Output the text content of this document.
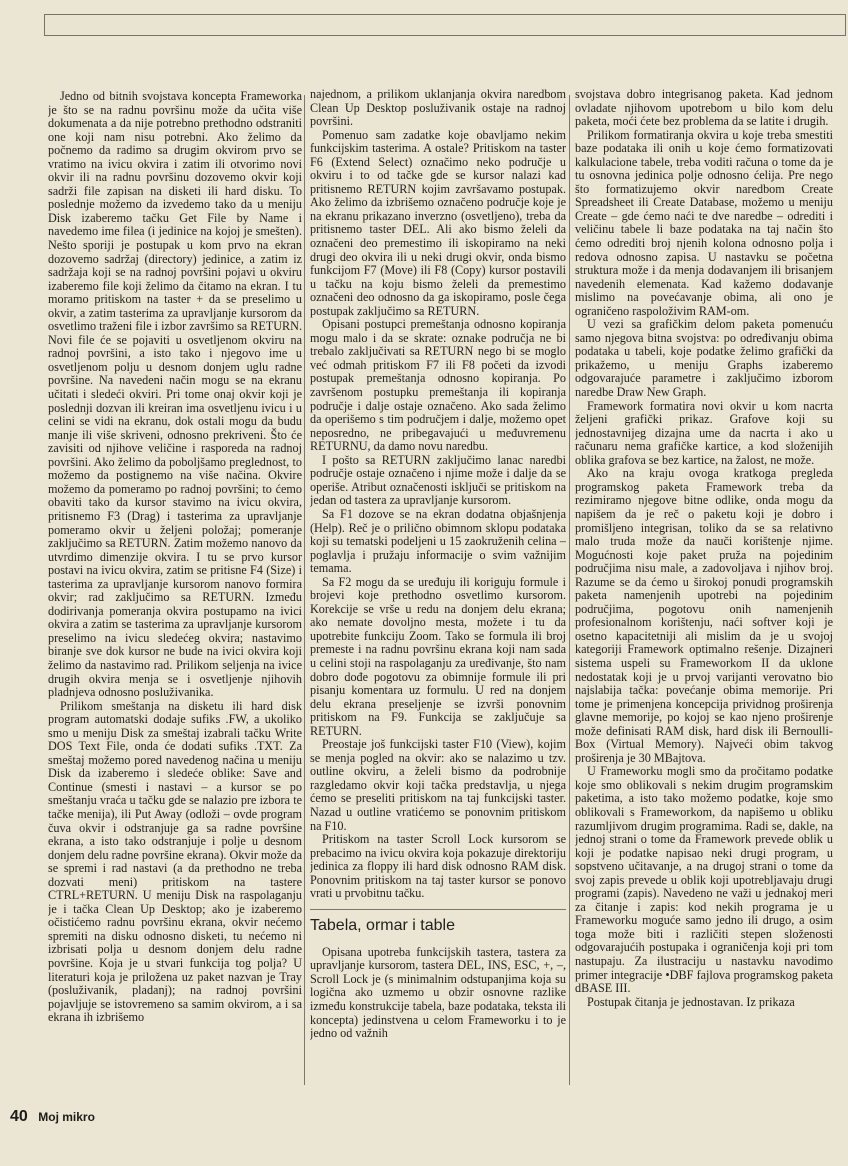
Jedno od bitnih svojstava koncepta Frameworka je što se na radnu površinu može da učita više dokumenata a da nije potrebno prethodno odstraniti one koji nam nisu potrebni. Ako želimo da počnemo da radimo sa drugim okvirom prvo se vratimo na ivicu okvira i zatim ili otvorimo novi okvir ili na radnu površinu dozovemo okvir koji sadrži file zapisan na disketi ili hard disku. To poslednje možemo da izvedemo tako da u meniju Disk izaberemo tačku Get File by Name i navedemo ime filea (i jedinice na kojoj je smešten). Nešto sporiji je postupak u kom prvo na ekran dozovemo sadržaj (directory) jedinice, a zatim iz sadržaja koji se na radnoj površini pojavi u okviru izaberemo file koji želimo da čitamo na ekran. I tu moramo pritiskom na taster + da se preselimo u okvir, a zatim tasterima za upravljanje kursorom da osvetlimo traženi file i izbor završimo sa RETURN. Novi file će se pojaviti u osvetljenom okviru na radnoj površini, a isto tako i njegovo ime u osvetljenom polju u desnom donjem uglu radne površine. Na navedeni način mogu se na ekranu učitati i sledeći okviri. Pri tome onaj okvir koji je poslednji dozvan ili kreiran ima osvetljenu ivicu i u celini se vidi na ekranu, dok ostali mogu da budu manje ili više skriveni, odnosno prekriveni. Što će zavisiti od njihove veličine i rasporeda na radnoj površini. Ako želimo da poboljšamo preglednost, to možemo da postignemo na više načina. Okvire možemo da pomeramo po radnoj površini; to ćemo obaviti tako da kursor stavimo na ivicu okvira, pritisnemo F3 (Drag) i tasterima za upravljanje pomeramo okvir u željeni položaj; pomeranje zaključimo sa RETURN. Zatim možemo nanovo da utvrdimo dimenzije okvira. I tu se prvo kursor postavi na ivicu okvira, zatim se pritisne F4 (Size) i tasterima za upravljanje kursorom nanovo formira okvir; rad zaključimo sa RETURN. Između dodirivanja pomeranja okvira postupamo na ivici okvira a zatim se tasterima za upravljanje kursorom preselimo na ivicu sledećeg okvira; nastavimo biranje sve dok kursor ne bude na ivici okvira koji želimo da nastavimo rad. Prilikom seljenja na ivice drugih okvira menja se i osvetljenje njihovih pladnjeva odnosno posluživanika.

Prilikom smeštanja na disketu ili hard disk program automatski dodaje sufiks .FW, a ukoliko smo u meniju Disk za smeštaj izabrali tačku Write DOS Text File, onda će dodati sufiks .TXT. Za smeštaj možemo pored navedenog načina u meniju Disk da izaberemo i sledeće oblike: Save and Continue (smesti i nastavi – a kursor se po smeštanju vraća u tačku gde se nalazio pre izbora te tačke menija), ili Put Away (odloži – ovde program čuva okvir i odstranjuje ga sa radne površine ekrana, a isto tako odstranjuje i polje u desnom donjem delu radne površine ekrana). Okvir može da se spremi i rad nastavi (a da prethodno ne treba dozvati meni) pritiskom na tastere CTRL+RETURN. U meniju Disk na raspolaganju je i tačka Clean Up Desktop; ako je izaberemo očistićemo radnu površinu ekrana, okvir nećemo spremiti na disku odnosno disketi, tu nećemo ni izbrisati polja u desnom donjem delu radne površine. Koja je u stvari funkcija tog polja? U literaturi koja je priložena uz paket nazvan je Tray (posluživanik, pladanj); na radnoj površini pojavljuje se istovremeno sa samim okvirom, a i sa ekrana ih izbrišemo

najednom, a prilikom uklanjanja okvira naredbom Clean Up Desktop posluživanik ostaje na radnoj površini.

Pomenuo sam zadatke koje obavljamo nekim funkcijskim tasterima. A ostale? Pritiskom na taster F6 (Extend Select) označimo neko područje u okviru i to od tačke gde se kursor nalazi kad pritisnemo RETURN kojim završavamo postupak. Ako želimo da izbrišemo označeno područje koje je na ekranu prikazano inverzno (osvetljeno), treba da pritisnemo taster DEL. Ali ako bismo želeli da označeni deo premestimo ili iskopiramo na neki drugi deo okvira ili u neki drugi okvir, onda bismo funkcijom F7 (Move) ili F8 (Copy) kursor postavili u tačku na koju bismo želeli da premestimo označeni deo odnosno da ga iskopiramo, posle čega postupak zaključimo sa RETURN.

Opisani postupci premeštanja odnosno kopiranja mogu malo i da se skrate: oznake područja ne bi trebalo zaključivati sa RETURN nego bi se moglo već odmah pritiskom F7 ili F8 početi da izvodi postupak premeštanja odnosno kopiranja. Po završenom postupku premeštanja ili kopiranja područje i dalje ostaje označeno. Ako sada želimo da operišemo s tim područjem i dalje, možemo opet neposredno, ne pribegavajući u međuvremenu RETURNU, da damo novu naredbu.

I pošto sa RETURN zaključimo lanac naredbi područje ostaje označeno i njime može i dalje da se operiše. Atribut označenosti isključi se pritiskom na jedan od tastera za upravljanje kursorom.

Sa F1 dozove se na ekran dodatna objašnjenja (Help). Reč je o prilično obimnom sklopu podataka koji su tematski podeljeni u 15 zaokruženih celina – poglavlja i pružaju informacije o svim važnijim temama.

Sa F2 mogu da se uređuju ili koriguju formule i brojevi koje prethodno osvetlimo kursorom. Korekcije se vrše u redu na donjem delu ekrana; ako nemate dovoljno mesta, možete i tu da upotrebite funkciju Zoom. Tako se formula ili broj premeste i na radnu površinu ekrana koji nam sada u celini stoji na raspolaganju za uređivanje, što nam dobro dođe pogotovu za obimnije formule ili pri pisanju komentara uz formulu. U red na donjem delu ekrana preseljenje se izvrši ponovnim pritiskom na F9. Funkcija se zaključuje sa RETURN.

Preostaje još funkcijski taster F10 (View), kojim se menja pogled na okvir: ako se nalazimo u tzv. outline okviru, a želeli bismo da podrobnije razgledamo okvir koji tačka predstavlja, u njega ćemo se preseliti pritiskom na taj funkcijski taster. Nazad u outline vratićemo se ponovnim pritiskom na F10.

Pritiskom na taster Scroll Lock kursorom se prebacimo na ivicu okvira koja pokazuje direktoriju jedinica za floppy ili hard disk odnosno RAM disk. Ponovnim pritiskom na taj taster kursor se ponovo vrati u prvobitnu tačku.

Tabela, ormar i table

Opisana upotreba funkcijskih tastera, tastera za upravljanje kursorom, tastera DEL, INS, ESC, +, –, Scroll Lock je (s minimalnim odstupanjima koja su logična ako uzmemo u obzir osnovne razlike između konstrukcije tabela, baze podataka, teksta ili koncepta) jedinstvena u celom Frameworku i to je jedno od važnih

svojstava dobro integrisanog paketa. Kad jednom ovladate njihovom upotrebom u bilo kom delu paketa, moći ćete bez problema da se latite i drugih.

Prilikom formatiranja okvira u koje treba smestiti baze podataka ili onih u koje ćemo formatizovati kalkulacione tabele, treba voditi računa o tome da je tu osnovna jedinica polje odnosno ćelija. Pre nego što formatizujemo okvir naredbom Create Spreadsheet ili Create Database, možemo u meniju Create – gde ćemo naći te dve naredbe – odrediti i veličinu tabele li baze podataka na taj način što ćemo odrediti broj njenih kolona odnosno polja i redova odnosno zapisa. U nastavku se početna struktura može i da menja dodavanjem ili brisanjem navedenih elemenata. Kad kažemo dodavanje mislimo na povećavanje obima, ali ono je ograničeno raspoloživim RAM-om.

U vezi sa grafičkim delom paketa pomenuću samo njegova bitna svojstva: po određivanju obima podataka u tabeli, koje podatke želimo grafički da prikažemo, u meniju Graphs izaberemo odgovarajuće parametre i zaključimo izborom naredbe Draw New Graph.

Framework formatira novi okvir u kom nacrta željeni grafički prikaz. Grafove koji su jednostavnijeg dizajna ume da nacrta i ako u računaru nema grafičke kartice, a kod složenijih oblika grafova se bez kartice, na žalost, ne može.

Ako na kraju ovoga kratkoga pregleda programskog paketa Framework treba da rezimiramo njegove bitne odlike, onda mogu da napišem da je reč o paketu koji je dobro i promišljeno integrisan, toliko da se sa relativno malo truda može da nauči korištenje njime. Mogućnosti koje paket pruža na pojedinim područjima nisu male, a zadovoljava i njihov broj. Razume se da ćemo u širokoj ponudi programskih paketa namenjenih upotrebi na pojedinim područjima, pogotovu onih namenjenih profesionalnom korištenju, naći softver koji je osetno kapacitetniji ali mislim da je u svojoj kategoriji Framework optimalno rešenje. Dizajneri sistema uspeli su Frameworkom II da uklone nedostatak koji je u prvoj varijanti verovatno bio najslabija tačka: povećanje obima memorije. Pri tome je primenjena koncepcija prividnog proširenja glavne memorije, po kojoj se kao njeno proširenje može definisati RAM disk, hard disk ili Bernoulli-Box (Virtual Memory). Najveći obim takvog proširenja je 30 MBajtova.

U Frameworku mogli smo da pročitamo podatke koje smo oblikovali s nekim drugim programskim paketima, a isto tako možemo podatke, koje smo oblikovali s Frameworkom, da napišemo u obliku razumljivom drugim programima. Radi se, dakle, na jednoj strani o tome da Framework prevede oblik u koji je podatke napisao neki drugi program, u sopstveno učitavanje, a na drugoj strani o tome da svoj zapis prevede u oblik koji upotrebljavaju drugi programi (zapis). Navedeno ne važi u jednakoj meri za čitanje i zapis: kod nekih programa je u Frameworku moguće samo jedno ili drugo, a osim toga može biti i različiti stepen složenosti odgovarajućih postupaka i ograničenja koji pri tom nastupaju. Za ilustraciju u nastavku navodimo primer integracije •DBF fajlova programskog paketa dBASE III.

Postupak čitanja je jednostavan. Iz prikaza

40 Moj mikro
